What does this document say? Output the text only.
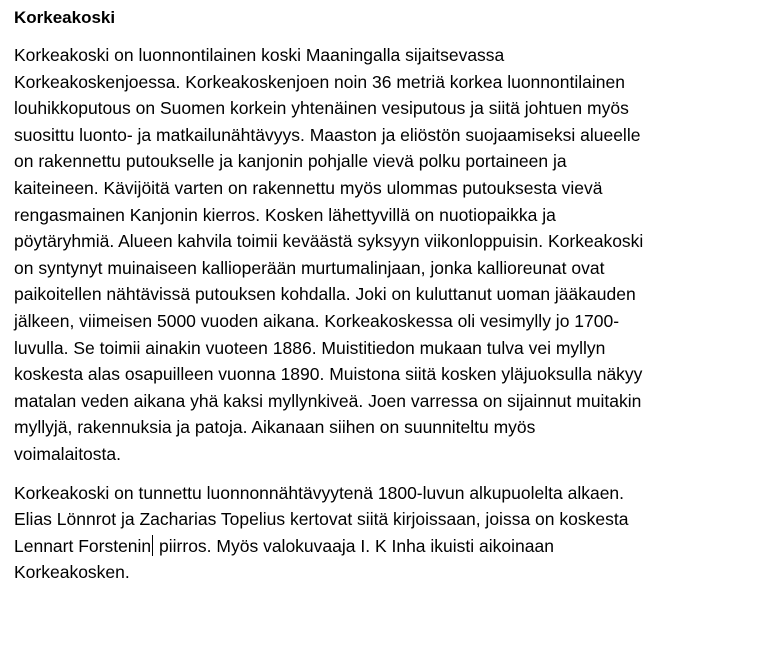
Korkeakoski
Korkeakoski on luonnontilainen koski Maaningalla sijaitsevassa
Korkeakoskenjoessa. Korkeakoskenjoen noin 36 metriä korkea luonnontilainen
louhikkoputous on Suomen korkein yhtenäinen vesiputous ja siitä johtuen myös
suosittu luonto- ja matkailunähtävyys. Maaston ja eliöstön suojaamiseksi alueelle
on rakennettu putoukselle ja kanjonin pohjalle vievä polku portaineen ja
kaiteineen. Kävijöitä varten on rakennettu myös ulommas putouksesta vievä
rengasmainen Kanjonin kierros. Kosken lähettyvillä on nuotiopaikka ja
pöytäryhmiä. Alueen kahvila toimii keväästä syksyyn viikonloppuisin. Korkeakoski
on syntynyt muinaiseen kallioperään murtumalinjaan, jonka kallioreunat ovat
paikoitellen nähtävissä putouksen kohdalla. Joki on kuluttanut uoman jääkauden
jälkeen, viimeisen 5000 vuoden aikana. Korkeakoskessa oli vesimylly jo 1700-
luvulla. Se toimii ainakin vuoteen 1886. Muistitiedon mukaan tulva vei myllyn
koskesta alas osapuilleen vuonna 1890. Muistona siitä kosken yläjuoksulla näkyy
matalan veden aikana yhä kaksi myllynkiveä. Joen varressa on sijainnut muitakin
myllyjä, rakennuksia ja patoja. Aikanaan siihen on suunniteltu myös
voimalaitosta.
Korkeakoski on tunnettu luonnonnähtävyytenä 1800-luvun alkupuolelta alkaen.
Elias Lönnrot ja Zacharias Topelius kertovat siitä kirjoissaan, joissa on koskesta
Lennart Forstenin piirros. Myös valokuvaaja I. K Inha ikuisti aikoinaan
Korkeakosken.
